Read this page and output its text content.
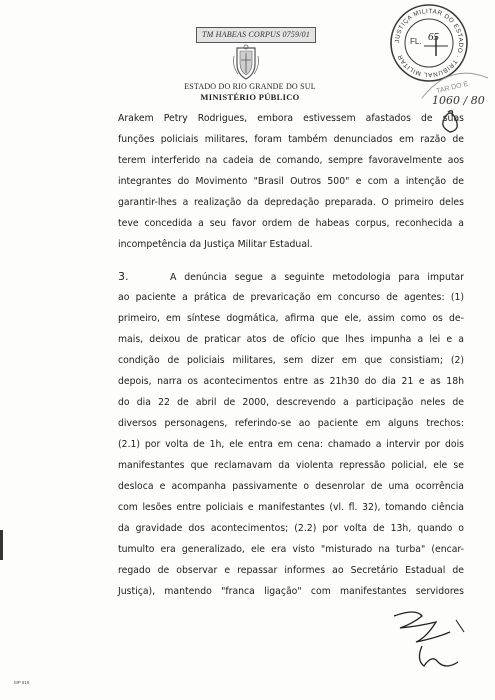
TM HABEAS CORPUS 0759/01
ESTADO DO RIO GRANDE DO SUL
MINISTÉRIO PÚBLICO
JUSTIÇA MILITAR DO ESTADO · TRIBUNAL MILITAR
FL. 65
TAR DO E
1060 / 80
Arakem Petry Rodrigues, embora estivessem afastados de suas
funções policiais militares, foram também denunciados em razão de
terem interferido na cadeia de comando, sempre favoravelmente aos
integrantes do Movimento "Brasil Outros 500" e com a intenção de
garantir-lhes a realização da depredação preparada. O primeiro deles
teve concedida a seu favor ordem de habeas corpus, reconhecida a
incompetência da Justiça Militar Estadual.
3.	A denúncia segue a seguinte metodologia para imputar
ao paciente a prática de prevaricação em concurso de agentes: (1)
primeiro, em síntese dogmática, afirma que ele, assim como os de-
mais, deixou de praticar atos de ofício que lhes impunha a lei e a
condição de policiais militares, sem dizer em que consistiam; (2)
depois, narra os acontecimentos entre as 21h30 do dia 21 e as 18h
do dia 22 de abril de 2000, descrevendo a participação neles de
diversos personagens, referindo-se ao paciente em alguns trechos:
(2.1) por volta de 1h, ele entra em cena: chamado a intervir por dois
manifestantes que reclamavam da violenta repressão policial, ele se
desloca e acompanha passivamente o desenrolar de uma ocorrência
com lesões entre policiais e manifestantes (vl. fl. 32), tomando ciência
da gravidade dos acontecimentos; (2.2) por volta de 13h, quando o
tumulto era generalizado, ele era visto "misturado na turba" (encar-
regado de observar e repassar informes ao Secretário Estadual de
Justiça), mantendo "franca ligação" com manifestantes servidores
MP 818
